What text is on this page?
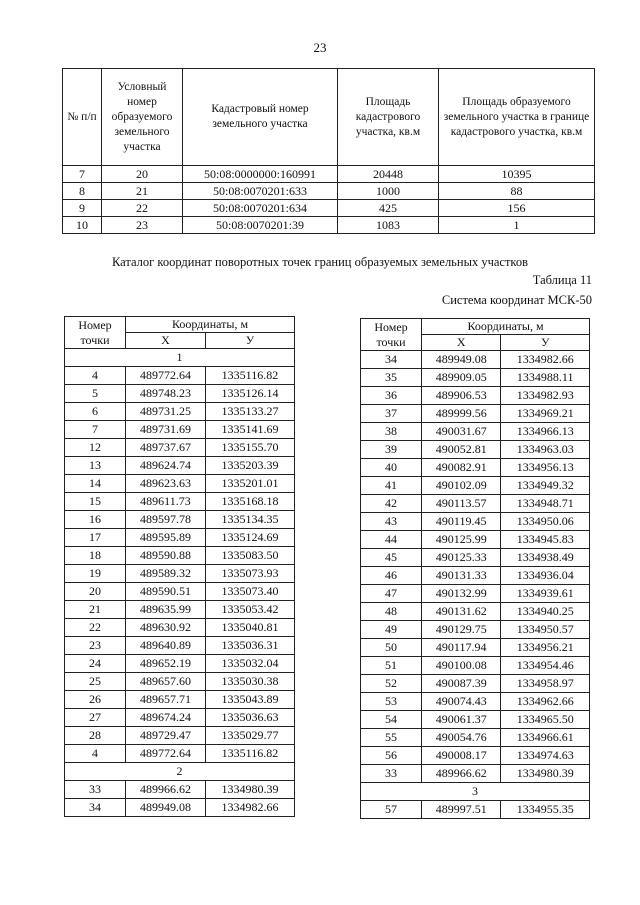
23
№ п/п	Условный номер образуемого земельного участка	Кадастровый номер земельного участка	Площадь кадастрового участка, кв.м	Площадь образуемого земельного участка в границе кадастрового участка, кв.м
7	20	50:08:0000000:160991	20448	10395
8	21	50:08:0070201:633	1000	88
9	22	50:08:0070201:634	425	156
10	23	50:08:0070201:39	1083	1
Каталог координат поворотных точек границ образуемых земельных участков
Таблица 11
Система координат МСК-50
Номер точки	Координаты, м	
	Х	У
1		
4	489772.64	1335116.82
5	489748.23	1335126.14
6	489731.25	1335133.27
7	489731.69	1335141.69
12	489737.67	1335155.70
13	489624.74	1335203.39
14	489623.63	1335201.01
15	489611.73	1335168.18
16	489597.78	1335134.35
17	489595.89	1335124.69
18	489590.88	1335083.50
19	489589.32	1335073.93
20	489590.51	1335073.40
21	489635.99	1335053.42
22	489630.92	1335040.81
23	489640.89	1335036.31
24	489652.19	1335032.04
25	489657.60	1335030.38
26	489657.71	1335043.89
27	489674.24	1335036.63
28	489729.47	1335029.77
4	489772.64	1335116.82
2		
33	489966.62	1334980.39
34	489949.08	1334982.66
Номер точки	Координаты, м	
	Х	У
34	489949.08	1334982.66
35	489909.05	1334988.11
36	489906.53	1334982.93
37	489999.56	1334969.21
38	490031.67	1334966.13
39	490052.81	1334963.03
40	490082.91	1334956.13
41	490102.09	1334949.32
42	490113.57	1334948.71
43	490119.45	1334950.06
44	490125.99	1334945.83
45	490125.33	1334938.49
46	490131.33	1334936.04
47	490132.99	1334939.61
48	490131.62	1334940.25
49	490129.75	1334950.57
50	490117.94	1334956.21
51	490100.08	1334954.46
52	490087.39	1334958.97
53	490074.43	1334962.66
54	490061.37	1334965.50
55	490054.76	1334966.61
56	490008.17	1334974.63
33	489966.62	1334980.39
3		
57	489997.51	1334955.35
